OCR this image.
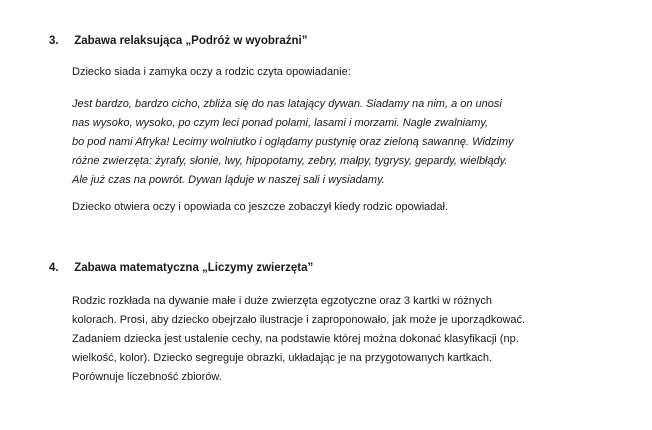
3. Zabawa relaksująca „Podróż w wyobraźni”
Dziecko siada i zamyka oczy a rodzic czyta opowiadanie:
Jest bardzo, bardzo cicho, zbliża się do nas latający dywan. Siadamy na nim, a on unosi
nas wysoko, wysoko, po czym leci ponad polami, lasami i morzami. Nagle zwalniamy,
bo pod nami Afryka! Lecimy wolniutko i oglądamy pustynię oraz zieloną sawannę. Widzimy
różne zwierzęta: żyrafy, słonie, lwy, hipopotamy, zebry, małpy, tygrysy, gepardy, wielbłądy.
Ale już czas na powrót. Dywan ląduje w naszej sali i wysiadamy.
Dziecko otwiera oczy i opowiada co jeszcze zobaczył kiedy rodzic opowiadał.
4. Zabawa matematyczna „Liczymy zwierzęta”
Rodzic rozkłada na dywanie małe i duże zwierzęta egzotyczne oraz 3 kartki w różnych
kolorach. Prosi, aby dziecko obejrzało ilustracje i zaproponowało, jak może je uporządkować.
Zadaniem dziecka jest ustalenie cechy, na podstawie której można dokonać klasyfikacji (np.
wielkość, kolor). Dziecko segreguje obrazki, układając je na przygotowanych kartkach.
Porównuje liczebność zbiorów.
